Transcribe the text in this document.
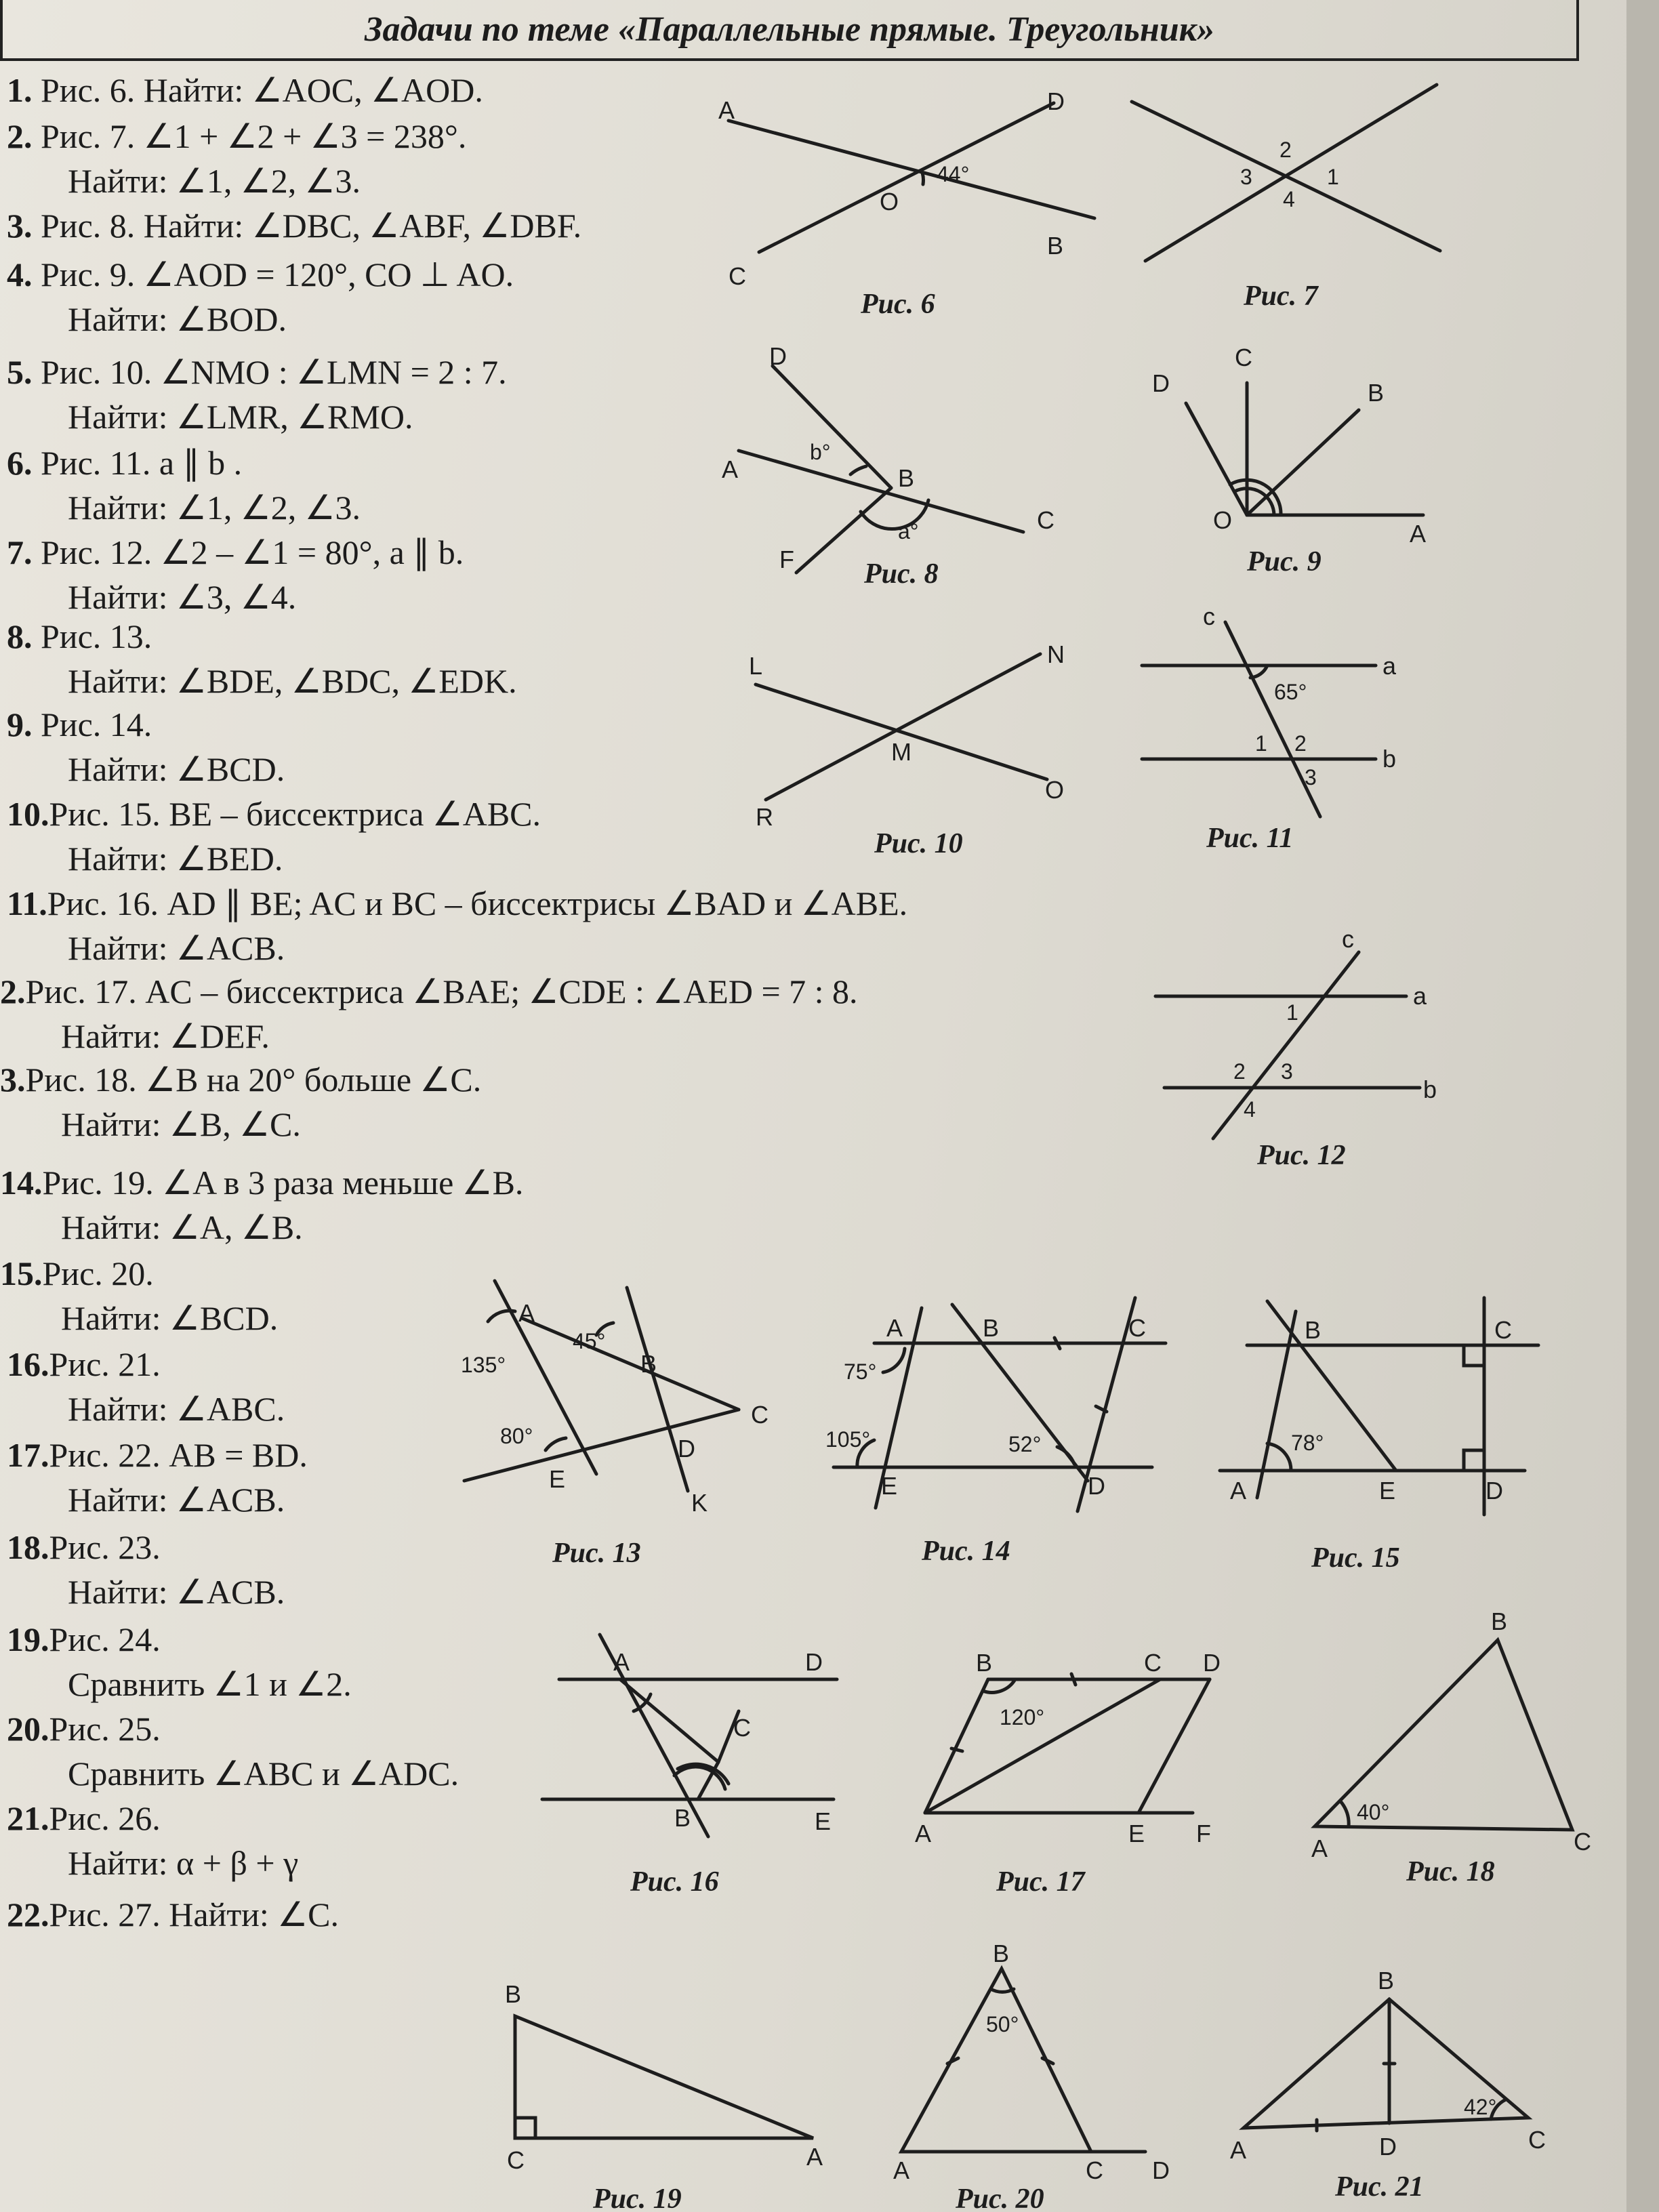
Задачи по теме «Параллельные прямые. Треугольник»
1. Рис. 6. Найти: ∠AOC, ∠AOD.
2. Рис. 7. ∠1 + ∠2 + ∠3 = 238°.
Найти: ∠1, ∠2, ∠3.
3. Рис. 8. Найти: ∠DBC, ∠ABF, ∠DBF.
4. Рис. 9. ∠AOD = 120°, CO ⊥ AO.
Найти: ∠BOD.
5. Рис. 10. ∠NMO : ∠LMN = 2 : 7.
Найти: ∠LMR, ∠RMO.
6. Рис. 11. a ∥ b .
Найти: ∠1, ∠2, ∠3.
7. Рис. 12. ∠2 – ∠1 = 80°, a ∥ b.
Найти: ∠3, ∠4.
8. Рис. 13.
Найти: ∠BDE, ∠BDC, ∠EDK.
9. Рис. 14.
Найти: ∠BCD.
10.Рис. 15. BE – биссектриса ∠ABC.
Найти: ∠BED.
11.Рис. 16. AD ∥ BE; AC и BC – биссектрисы ∠BAD и ∠ABE.
Найти: ∠ACB.
2.Рис. 17. AC – биссектриса ∠BAE; ∠CDE : ∠AED = 7 : 8.
Найти: ∠DEF.
3.Рис. 18. ∠B на 20° больше ∠C.
Найти: ∠B, ∠C.
14.Рис. 19. ∠A в 3 раза меньше ∠B.
Найти: ∠A, ∠B.
15.Рис. 20.
Найти: ∠BCD.
16.Рис. 21.
Найти: ∠ABC.
17.Рис. 22. AB = BD.
Найти: ∠ACB.
18.Рис. 23.
Найти: ∠ACB.
19.Рис. 24.
Сравнить ∠1 и ∠2.
20.Рис. 25.
Сравнить ∠ABC и ∠ADC.
21.Рис. 26.
Найти: α + β + γ
22.Рис. 27. Найти: ∠C.
A	D
O
B
C
44°
Рис. 6
2
3	1
4
Рис. 7
D
A	B
C
F
b°
a°
Рис. 8
C
D	B
O	A
Рис. 9
L	N
M
R
O
Рис. 10
c
a
b
1 2
3
65°
Рис. 11
c
a
b
1
2 3
4
Рис. 12
A
B
C
D
E
K
135°
45°
80°
Рис. 13
A	B	C
E	D
75°
105°	52°
Рис. 14
B	C
A	E	D
78°
Рис. 15
A	D
C
B	E
Рис. 16
B	C D
A	E F
120°
Рис. 17
B
A	C
40°
Рис. 18
B
C	A
Рис. 19
B
A	C D
50°
Рис. 20
B
A	D	C
42°
Рис. 21
